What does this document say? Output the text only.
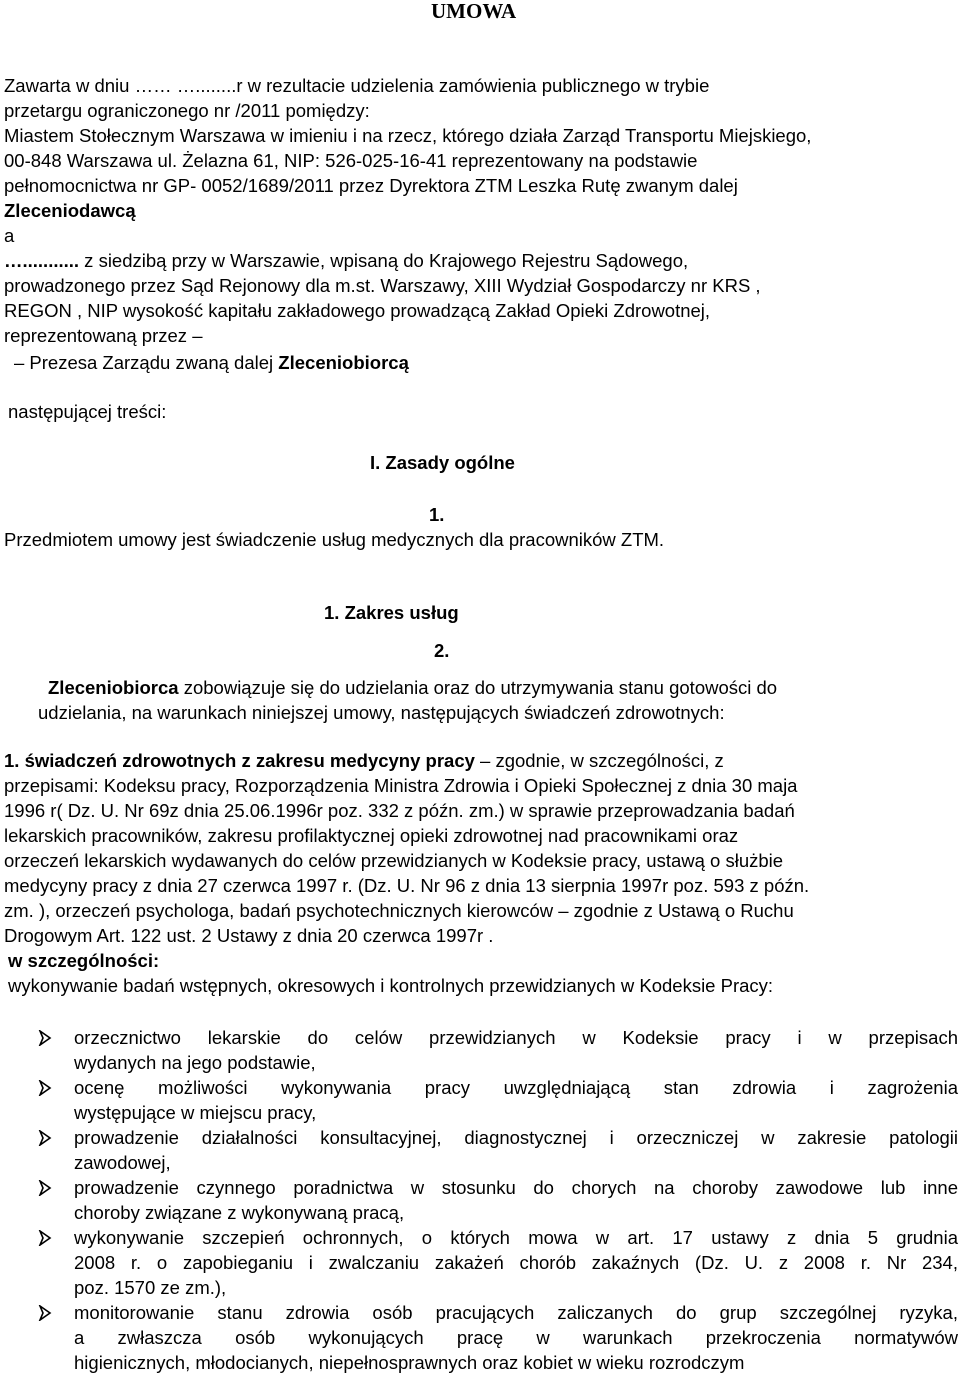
UMOWA
Zawarta w dniu …… …........r w rezultacie udzielenia zamówienia publicznego w trybie
przetargu ograniczonego nr /2011 pomiędzy:
Miastem Stołecznym Warszawa w imieniu i na rzecz, którego działa Zarząd Transportu Miejskiego,
00-848 Warszawa ul. Żelazna 61, NIP: 526-025-16-41 reprezentowany na podstawie
pełnomocnictwa nr GP- 0052/1689/2011 przez Dyrektora ZTM Leszka Rutę zwanym dalej
Zleceniodawcą
a
…........... z siedzibą przy w Warszawie, wpisaną do Krajowego Rejestru Sądowego,
prowadzonego przez Sąd Rejonowy dla m.st. Warszawy, XIII Wydział Gospodarczy nr KRS ,
REGON , NIP wysokość kapitału zakładowego prowadzącą Zakład Opieki Zdrowotnej,
reprezentowaną przez –
– Prezesa Zarządu zwaną dalej Zleceniobiorcą
następującej treści:
I. Zasady ogólne
1.
Przedmiotem umowy jest świadczenie usług medycznych dla pracowników ZTM.
1. Zakres usług
2.
Zleceniobiorca zobowiązuje się do udzielania oraz do utrzymywania stanu gotowości do
udzielania, na warunkach niniejszej umowy, następujących świadczeń zdrowotnych:
1. świadczeń zdrowotnych z zakresu medycyny pracy – zgodnie, w szczególności, z
przepisami: Kodeksu pracy, Rozporządzenia Ministra Zdrowia i Opieki Społecznej z dnia 30 maja
1996 r( Dz. U. Nr 69z dnia 25.06.1996r poz. 332 z późn. zm.) w sprawie przeprowadzania badań
lekarskich pracowników, zakresu profilaktycznej opieki zdrowotnej nad pracownikami oraz
orzeczeń lekarskich wydawanych do celów przewidzianych w Kodeksie pracy, ustawą o służbie
medycyny pracy z dnia 27 czerwca 1997 r. (Dz. U. Nr 96 z dnia 13 sierpnia 1997r poz. 593 z późn.
zm. ), orzeczeń psychologa, badań psychotechnicznych kierowców – zgodnie z Ustawą o Ruchu
Drogowym Art. 122 ust. 2 Ustawy z dnia 20 czerwca 1997r .
w szczególności:
wykonywanie badań wstępnych, okresowych i kontrolnych przewidzianych w Kodeksie Pracy:
orzecznictwo lekarskie do celów przewidzianych w Kodeksie pracy i w przepisach
wydanych na jego podstawie,
ocenę możliwości wykonywania pracy uwzględniającą stan zdrowia i zagrożenia
występujące w miejscu pracy,
prowadzenie działalności konsultacyjnej, diagnostycznej i orzeczniczej w zakresie patologii
zawodowej,
prowadzenie czynnego poradnictwa w stosunku do chorych na choroby zawodowe lub inne
choroby związane z wykonywaną pracą,
wykonywanie szczepień ochronnych, o których mowa w art. 17 ustawy z dnia 5 grudnia
2008 r. o zapobieganiu i zwalczaniu zakażeń chorób zakaźnych (Dz. U. z 2008 r. Nr 234,
poz. 1570 ze zm.),
monitorowanie stanu zdrowia osób pracujących zaliczanych do grup szczególnej ryzyka,
a zwłaszcza osób wykonujących pracę w warunkach przekroczenia normatywów
higienicznych, młodocianych, niepełnosprawnych oraz kobiet w wieku rozrodczym
